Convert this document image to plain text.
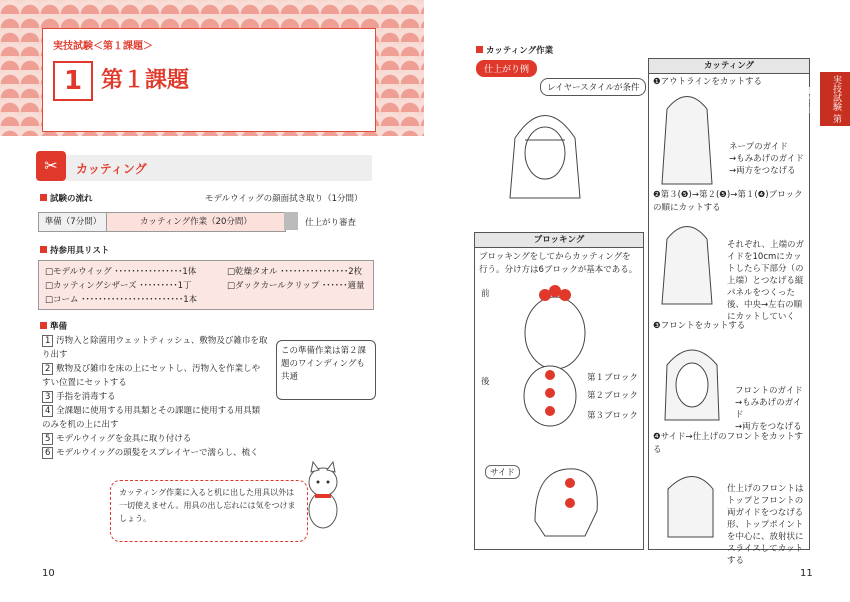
実技試験＜第１課題＞
1 第１課題
✂	カッティング
試験の流れ	モデルウイッグの顔面拭き取り（1分間）
準備（7分間）	カッティング作業（20分間）	仕上がり審査
持参用具リスト
□モデルウイッグ ････････････････1体	□乾燥タオル ････････････････2枚
□カッティングシザーズ ･････････1丁	□ダックカールクリップ ･･････適量
□コーム ････････････････････････1本
準備
1 汚物入と除菌用ウェットティッシュ、敷物及び雑巾を取り出す
2 敷物及び雑巾を床の上にセットし、汚物入を作業しやすい位置にセットする
3 手指を消毒する
4 全課題に使用する用具類とその課題に使用する用具類のみを机の上に出す
5 モデルウイッグを金具に取り付ける
6 モデルウイッグの頭髪をスプレイヤーで濡らし、梳く
この準備作業は第２課題のワインディングも共通
カッティング作業に入ると机に出した用具以外は一切使えません。用具の出し忘れには気をつけましょう。
10
カッティング作業
仕上がり例
レイヤースタイルが条件
ブロッキング
ブロッキングをしてからカッティングを行う。分け方は6ブロックが基本である。
前
後	第１ブロック
第２ブロック
第３ブロック
サイド
カッティング
❶アウトラインをカットする
ネープのガイド
→もみあげのガイド
→両方をつなげる
❷第３(❺)→第２(❺)→第１(❹)ブロックの順にカットする
それぞれ、上端のガイドを10cmにカットしたら下部分（の上端）とつなげる縦パネルをつくった後、中央→左右の順にカットしていく
❸フロントをカットする
フロントのガイド
→もみあげのガイド
→両方をつなげる
❹サイド→仕上げのフロントをカットする
仕上げのフロントはトップとフロントの両ガイドをつなげる形、トップポイントを中心に、放射状にスライスしてカットする
実技試験 第１課題
11
